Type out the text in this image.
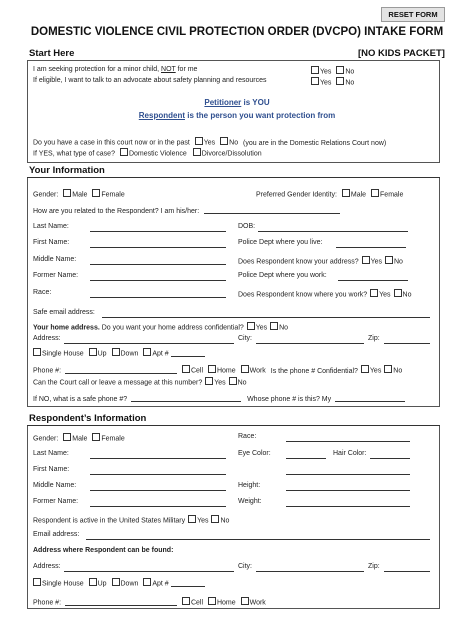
RESET FORM
DOMESTIC VIOLENCE CIVIL PROTECTION ORDER (DVCPO) INTAKE FORM
Start Here	[NO KIDS PACKET]
I am seeking protection for a minor child, NOT for me	Yes No
If eligible, I want to talk to an advocate about safety planning and resources	Yes No
Petitioner is YOU
Respondent is the person you want protection from
Do you have a case in this court now or in the past Yes No (you are in the Domestic Relations Court now)
If YES, what type of case? Domestic Violence Divorce/Dissolution
Your Information
Gender: Male Female	Preferred Gender Identity: Male Female
How are you related to the Respondent? I am his/her:
Last Name:	DOB:
First Name:	Police Dept where you live:
Middle Name:	Does Respondent know your address? Yes No
Former Name:	Police Dept where you work:
Race:	Does Respondent know where you work? Yes No
Safe email address:
Your home address. Do you want your home address confidential? Yes No
Address:	City:	Zip:
Single House Up Down Apt #
Phone #:	Cell Home Work Is the phone # Confidential? Yes No
Can the Court call or leave a message at this number? Yes No
If NO, what is a safe phone #?	Whose phone # is this? My
Respondent’s Information
Gender: Male Female	Race:
Last Name:	Eye Color:	Hair Color:
First Name:
Middle Name:	Height:
Former Name:	Weight:
Respondent is active in the United States Military Yes No
Email address:
Address where Respondent can be found:
Address:	City:	Zip:
Single House Up Down Apt #
Phone #:	Cell Home Work
